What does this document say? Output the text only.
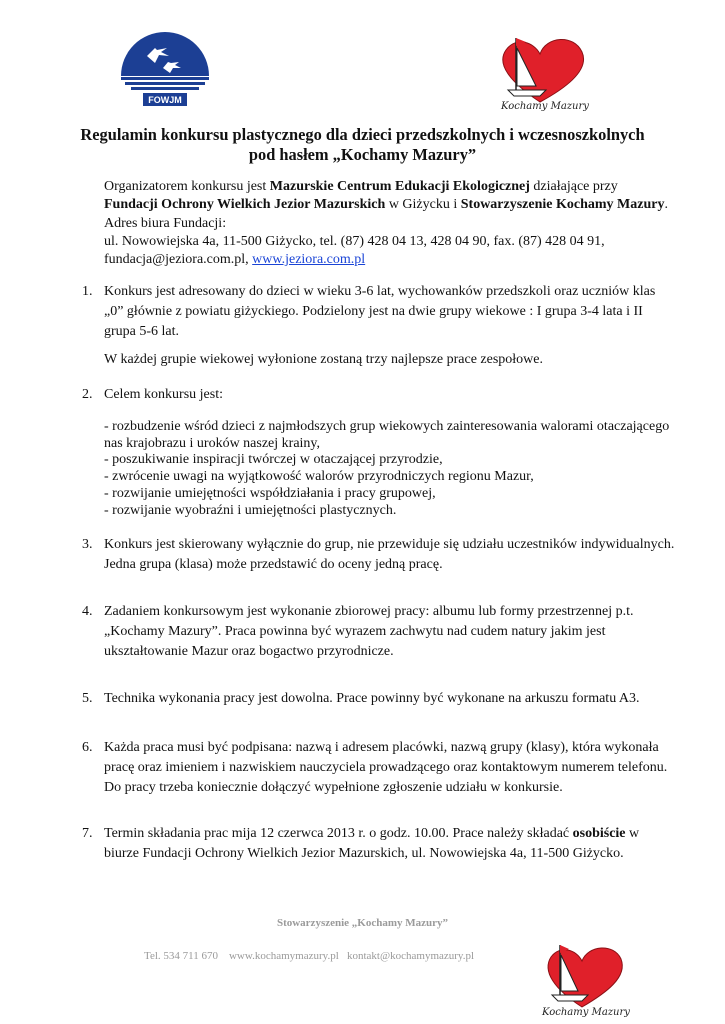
FOWJM
Kochamy Mazury
Regulamin konkursu plastycznego dla dzieci przedszkolnych i wczesnoszkolnych
pod hasłem „Kochamy Mazury”
Organizatorem konkursu jest Mazurskie Centrum Edukacji Ekologicznej działające przy
Fundacji Ochrony Wielkich Jezior Mazurskich w Giżycku i Stowarzyszenie Kochamy Mazury.
Adres biura Fundacji:
ul. Nowowiejska 4a, 11-500 Giżycko, tel. (87) 428 04 13, 428 04 90, fax. (87) 428 04 91,
fundacja@jeziora.com.pl, www.jeziora.com.pl
1. Konkurs jest adresowany do dzieci w wieku 3-6 lat, wychowanków przedszkoli oraz uczniów klas
„0” głównie z powiatu giżyckiego. Podzielony jest na dwie grupy wiekowe : I grupa 3-4 lata i II
grupa 5-6 lat.
W każdej grupie wiekowej wyłonione zostaną trzy najlepsze prace zespołowe.
2. Celem konkursu jest:
- rozbudzenie wśród dzieci z najmłodszych grup wiekowych zainteresowania walorami otaczającego
nas krajobrazu i uroków naszej krainy,
- poszukiwanie inspiracji twórczej w otaczającej przyrodzie,
- zwrócenie uwagi na wyjątkowość walorów przyrodniczych regionu Mazur,
- rozwijanie umiejętności współdziałania i pracy grupowej,
- rozwijanie wyobraźni i umiejętności plastycznych.
3. Konkurs jest skierowany wyłącznie do grup, nie przewiduje się udziału uczestników indywidualnych.
Jedna grupa (klasa) może przedstawić do oceny jedną pracę.
4. Zadaniem konkursowym jest wykonanie zbiorowej pracy: albumu lub formy przestrzennej p.t.
„Kochamy Mazury”. Praca powinna być wyrazem zachwytu nad cudem natury jakim jest
ukształtowanie Mazur oraz bogactwo przyrodnicze.
5. Technika wykonania pracy jest dowolna. Prace powinny być wykonane na arkuszu formatu A3.
6. Każda praca musi być podpisana: nazwą i adresem placówki, nazwą grupy (klasy), która wykonała
pracę oraz imieniem i nazwiskiem nauczyciela prowadzącego oraz kontaktowym numerem telefonu.
Do pracy trzeba koniecznie dołączyć wypełnione zgłoszenie udziału w konkursie.
7. Termin składania prac mija 12 czerwca 2013 r. o godz. 10.00. Prace należy składać osobiście w
biurze Fundacji Ochrony Wielkich Jezior Mazurskich, ul. Nowowiejska 4a, 11-500 Giżycko.
Stowarzyszenie „Kochamy Mazury”
Tel. 534 711 670    www.kochamymazury.pl   kontakt@kochamymazury.pl
Kochamy Mazury
